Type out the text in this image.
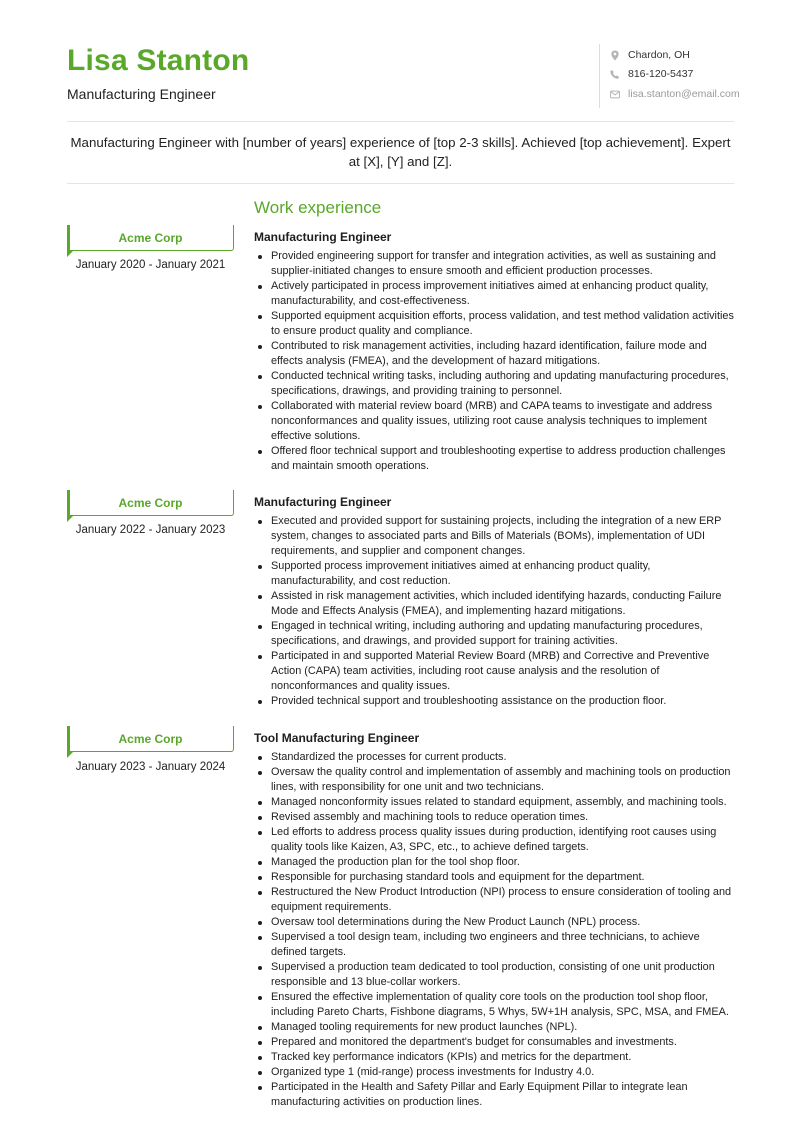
Lisa Stanton
Manufacturing Engineer
Chardon, OH
816-120-5437
lisa.stanton@email.com
Manufacturing Engineer with [number of years] experience of [top 2-3 skills]. Achieved [top achievement]. Expert at [X], [Y] and [Z].
Work experience
Acme Corp
January 2020 - January 2021
Manufacturing Engineer
Provided engineering support for transfer and integration activities, as well as sustaining and supplier-initiated changes to ensure smooth and efficient production processes.
Actively participated in process improvement initiatives aimed at enhancing product quality, manufacturability, and cost-effectiveness.
Supported equipment acquisition efforts, process validation, and test method validation activities to ensure product quality and compliance.
Contributed to risk management activities, including hazard identification, failure mode and effects analysis (FMEA), and the development of hazard mitigations.
Conducted technical writing tasks, including authoring and updating manufacturing procedures, specifications, drawings, and providing training to personnel.
Collaborated with material review board (MRB) and CAPA teams to investigate and address nonconformances and quality issues, utilizing root cause analysis techniques to implement effective solutions.
Offered floor technical support and troubleshooting expertise to address production challenges and maintain smooth operations.
Acme Corp
January 2022 - January 2023
Manufacturing Engineer
Executed and provided support for sustaining projects, including the integration of a new ERP system, changes to associated parts and Bills of Materials (BOMs), implementation of UDI requirements, and supplier and component changes.
Supported process improvement initiatives aimed at enhancing product quality, manufacturability, and cost reduction.
Assisted in risk management activities, which included identifying hazards, conducting Failure Mode and Effects Analysis (FMEA), and implementing hazard mitigations.
Engaged in technical writing, including authoring and updating manufacturing procedures, specifications, and drawings, and provided support for training activities.
Participated in and supported Material Review Board (MRB) and Corrective and Preventive Action (CAPA) team activities, including root cause analysis and the resolution of nonconformances and quality issues.
Provided technical support and troubleshooting assistance on the production floor.
Acme Corp
January 2023 - January 2024
Tool Manufacturing Engineer
Standardized the processes for current products.
Oversaw the quality control and implementation of assembly and machining tools on production lines, with responsibility for one unit and two technicians.
Managed nonconformity issues related to standard equipment, assembly, and machining tools.
Revised assembly and machining tools to reduce operation times.
Led efforts to address process quality issues during production, identifying root causes using quality tools like Kaizen, A3, SPC, etc., to achieve defined targets.
Managed the production plan for the tool shop floor.
Responsible for purchasing standard tools and equipment for the department.
Restructured the New Product Introduction (NPI) process to ensure consideration of tooling and equipment requirements.
Oversaw tool determinations during the New Product Launch (NPL) process.
Supervised a tool design team, including two engineers and three technicians, to achieve defined targets.
Supervised a production team dedicated to tool production, consisting of one unit production responsible and 13 blue-collar workers.
Ensured the effective implementation of quality core tools on the production tool shop floor, including Pareto Charts, Fishbone diagrams, 5 Whys, 5W+1H analysis, SPC, MSA, and FMEA.
Managed tooling requirements for new product launches (NPL).
Prepared and monitored the department's budget for consumables and investments.
Tracked key performance indicators (KPIs) and metrics for the department.
Organized type 1 (mid-range) process investments for Industry 4.0.
Participated in the Health and Safety Pillar and Early Equipment Pillar to integrate lean manufacturing activities on production lines.
